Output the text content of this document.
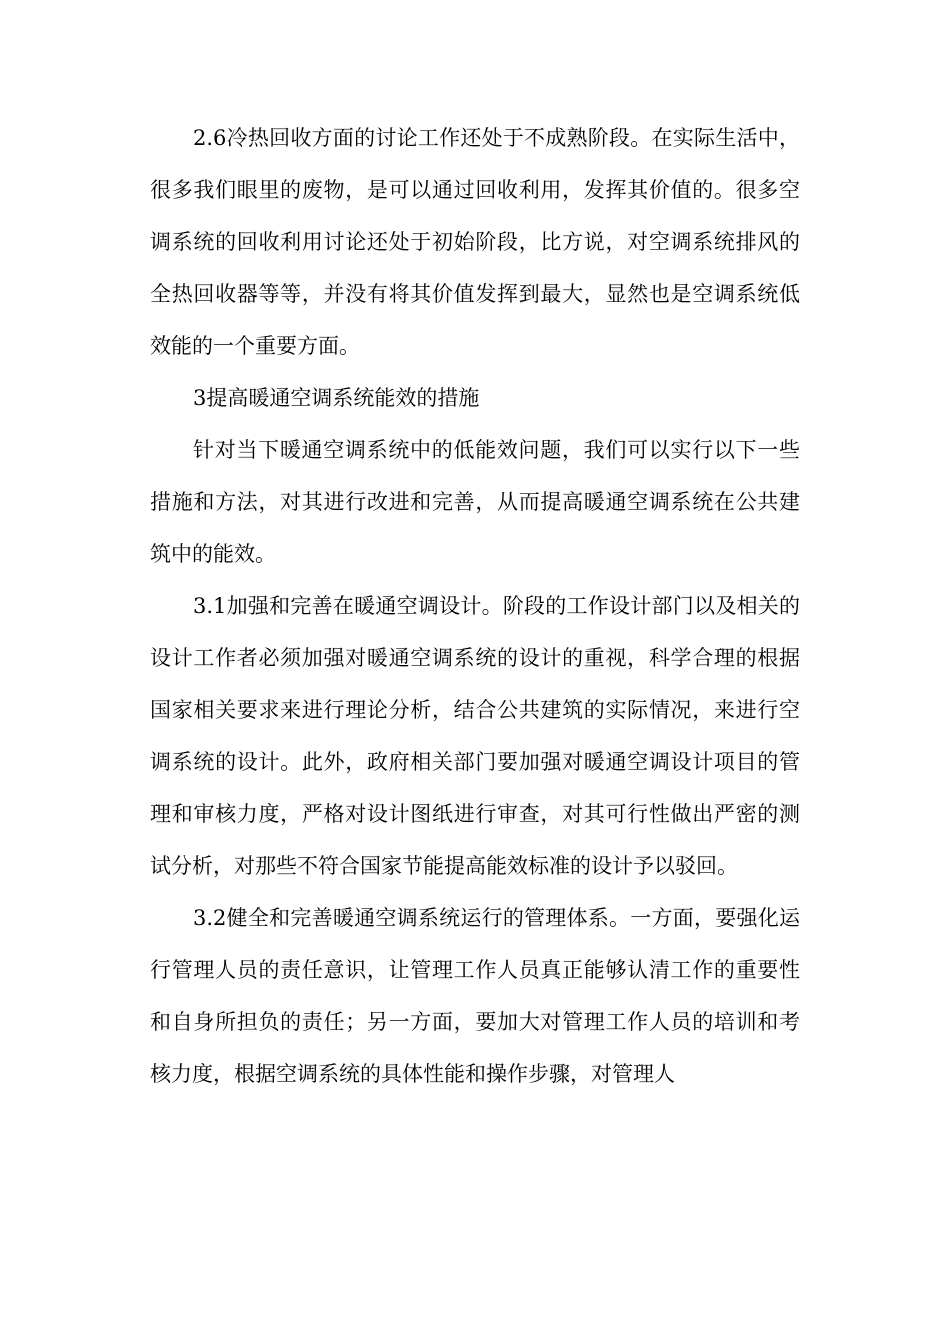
2.6冷热回收方面的讨论工作还处于不成熟阶段。在实际生活中，很多我们眼里的废物，是可以通过回收利用，发挥其价值的。很多空调系统的回收利用讨论还处于初始阶段，比方说，对空调系统排风的全热回收器等等，并没有将其价值发挥到最大，显然也是空调系统低效能的一个重要方面。

3提高暖通空调系统能效的措施

针对当下暖通空调系统中的低能效问题，我们可以实行以下一些措施和方法，对其进行改进和完善，从而提高暖通空调系统在公共建筑中的能效。

3.1加强和完善在暖通空调设计。阶段的工作设计部门以及相关的设计工作者必须加强对暖通空调系统的设计的重视，科学合理的根据国家相关要求来进行理论分析，结合公共建筑的实际情况，来进行空调系统的设计。此外，政府相关部门要加强对暖通空调设计项目的管理和审核力度，严格对设计图纸进行审查，对其可行性做出严密的测试分析，对那些不符合国家节能提高能效标准的设计予以驳回。

3.2健全和完善暖通空调系统运行的管理体系。一方面，要强化运行管理人员的责任意识，让管理工作人员真正能够认清工作的重要性和自身所担负的责任；另一方面，要加大对管理工作人员的培训和考核力度，根据空调系统的具体性能和操作步骤，对管理人
